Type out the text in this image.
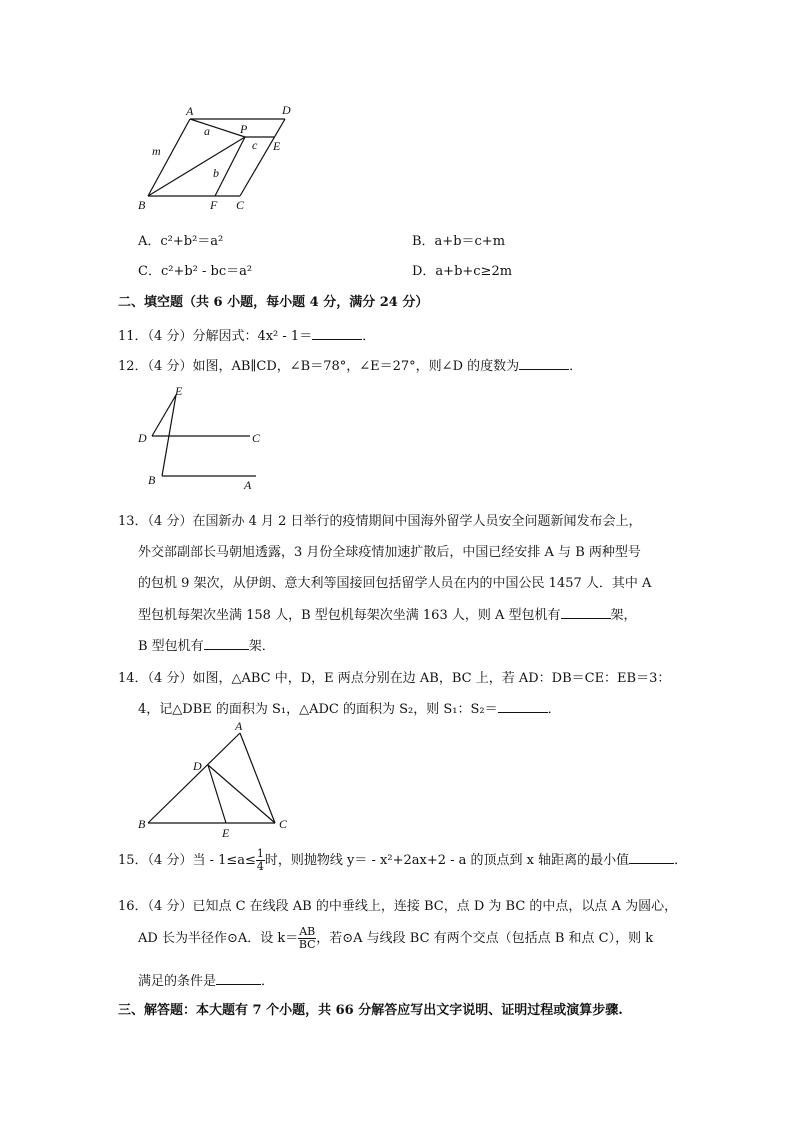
A	D
P
a
c E
m
b
B	F C
A．c²+b²＝a²	B．a+b＝c+m
C．c²+b² - bc＝a²	D．a+b+c≥2m
二、填空题（共 6 小题，每小题 4 分，满分 24 分）
11．（4 分）分解因式：4x² - 1＝	．
12．（4 分）如图，AB∥CD，∠B＝78°，∠E＝27°，则∠D 的度数为	．
E
D	C
B	A
13．（4 分）在国新办 4 月 2 日举行的疫情期间中国海外留学人员安全问题新闻发布会上，
外交部副部长马朝旭透露，3 月份全球疫情加速扩散后，中国已经安排 A 与 B 两种型号
的包机 9 架次，从伊朗、意大利等国接回包括留学人员在内的中国公民 1457 人．其中 A
型包机每架次坐满 158 人，B 型包机每架次坐满 163 人，则 A 型包机有	架，
B 型包机有	架．
14．（4 分）如图，△ABC 中，D，E 两点分别在边 AB，BC 上，若 AD：DB＝CE：EB＝3：
4，记△DBE 的面积为 S₁，△ADC 的面积为 S₂，则 S₁：S₂＝	．
A
D
B
E
C
15．（4 分）当 - $1\le a\le \frac{1}{4}$ 时，则抛物线 y＝ - x²+2ax+2 - a 的顶点到 x 轴距离的最小值	．
16．（4 分）已知点 C 在线段 AB 的中垂线上，连接 BC，点 D 为 BC 的中点，以点 A 为圆心，
AD 长为半径作⊙A．设 $k= \frac{AB}{BC}$ ，若⊙A 与线段 BC 有两个交点（包括点 B 和点 C），则 k
满足的条件是	．
三、解答题：本大题有 7 个小题，共 66 分解答应写出文字说明、证明过程或演算步骤.
